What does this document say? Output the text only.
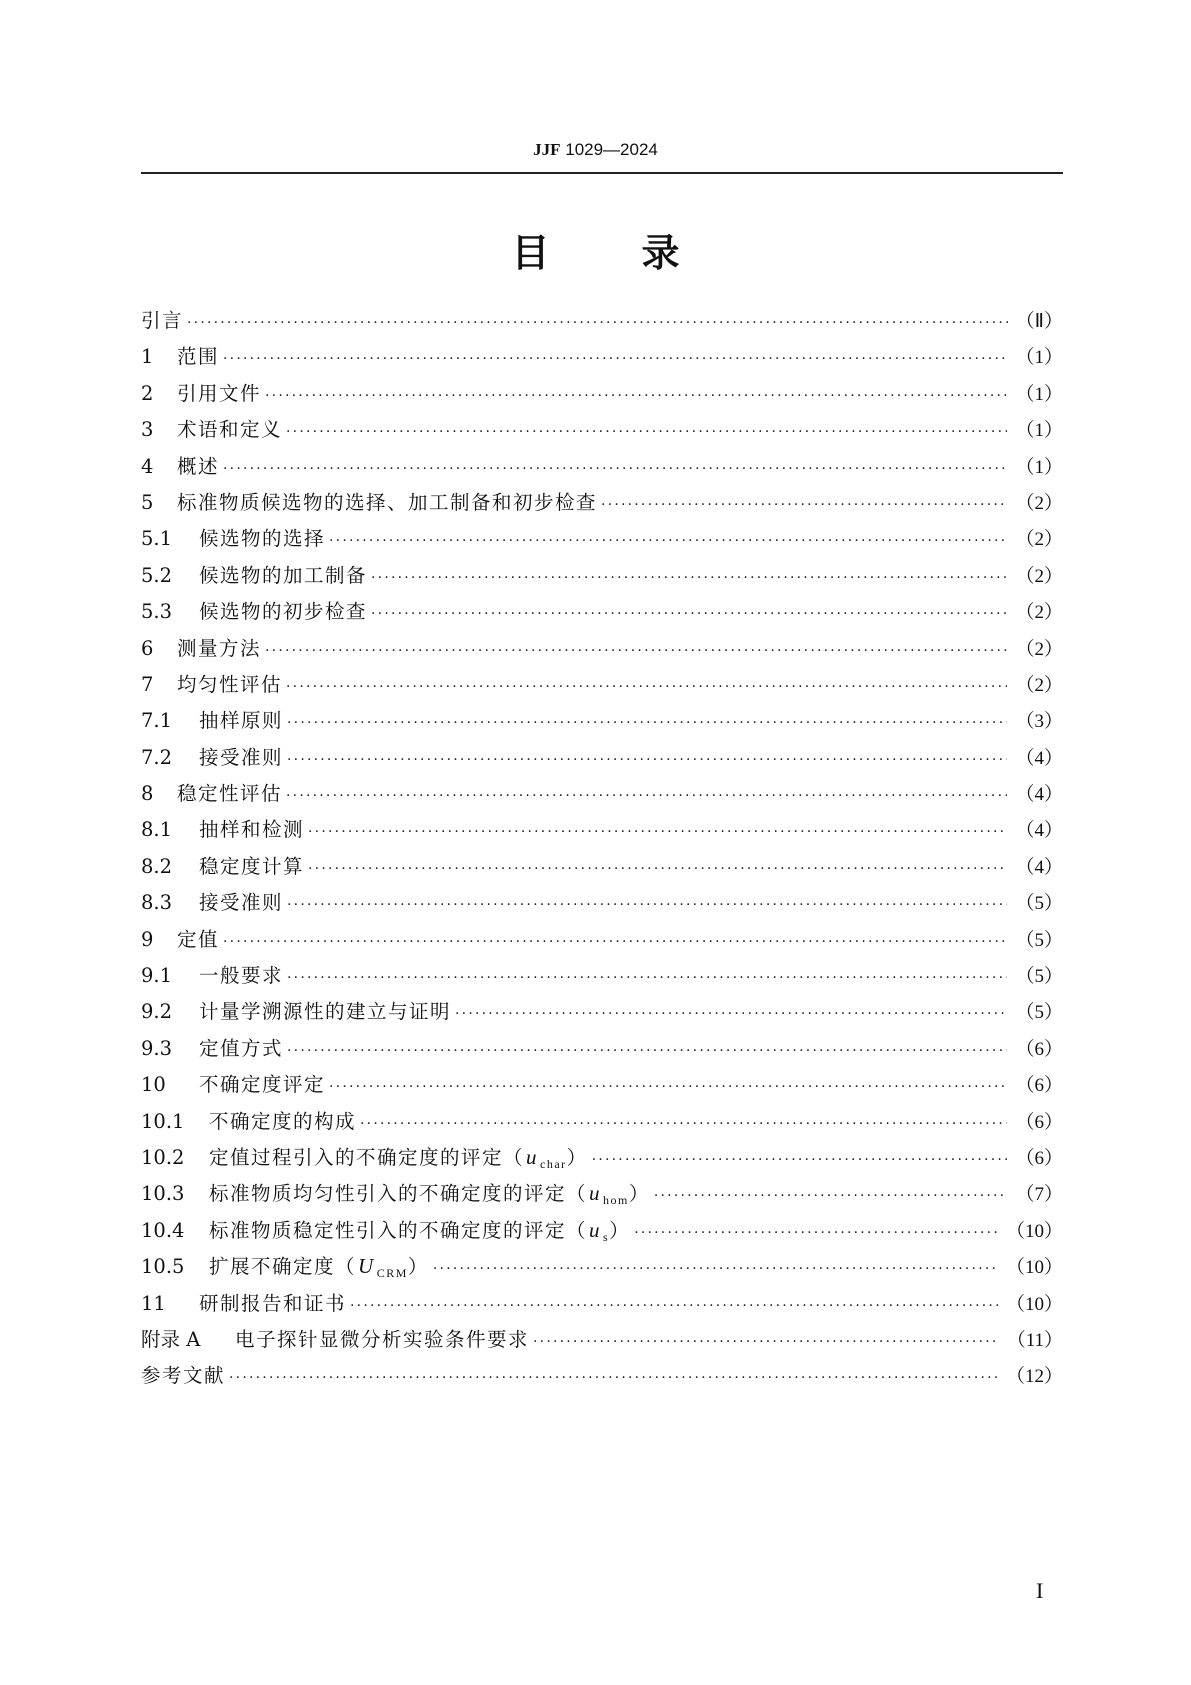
JJF 1029—2024
目 录
引言 ·····	（Ⅱ）
1	范围 ·····	（1）
2	引用文件 ·····	（1）
3	术语和定义 ·····	（1）
4	概述 ·····	（1）
5	标准物质候选物的选择、加工制备和初步检查 ·····	（2）
5.1	候选物的选择 ·····	（2）
5.2	候选物的加工制备 ·····	（2）
5.3	候选物的初步检查 ·····	（2）
6	测量方法 ·····	（2）
7	均匀性评估 ·····	（2）
7.1	抽样原则 ·····	（3）
7.2	接受准则 ·····	（4）
8	稳定性评估 ·····	（4）
8.1	抽样和检测 ·····	（4）
8.2	稳定度计算 ·····	（4）
8.3	接受准则 ·····	（5）
9	定值 ·····	（5）
9.1	一般要求 ·····	（5）
9.2	计量学溯源性的建立与证明 ·····	（5）
9.3	定值方式 ·····	（6）
10	不确定度评定 ·····	（6）
10.1	不确定度的构成 ·····	（6）
10.2	定值过程引入的不确定度的评定（u $_{char}$） ·····	（6）
10.3	标准物质均匀性引入的不确定度的评定（u $_{hom}$） ·····	（7）
10.4	标准物质稳定性引入的不确定度的评定（u $_s$） ·····	（10）
10.5	扩展不确定度（U $_{CRM}$） ·····	（10）
11	研制报告和证书 ·····	（10）
附录 A	电子探针显微分析实验条件要求 ·····	（11）
参考文献 ·····	（12）
I
